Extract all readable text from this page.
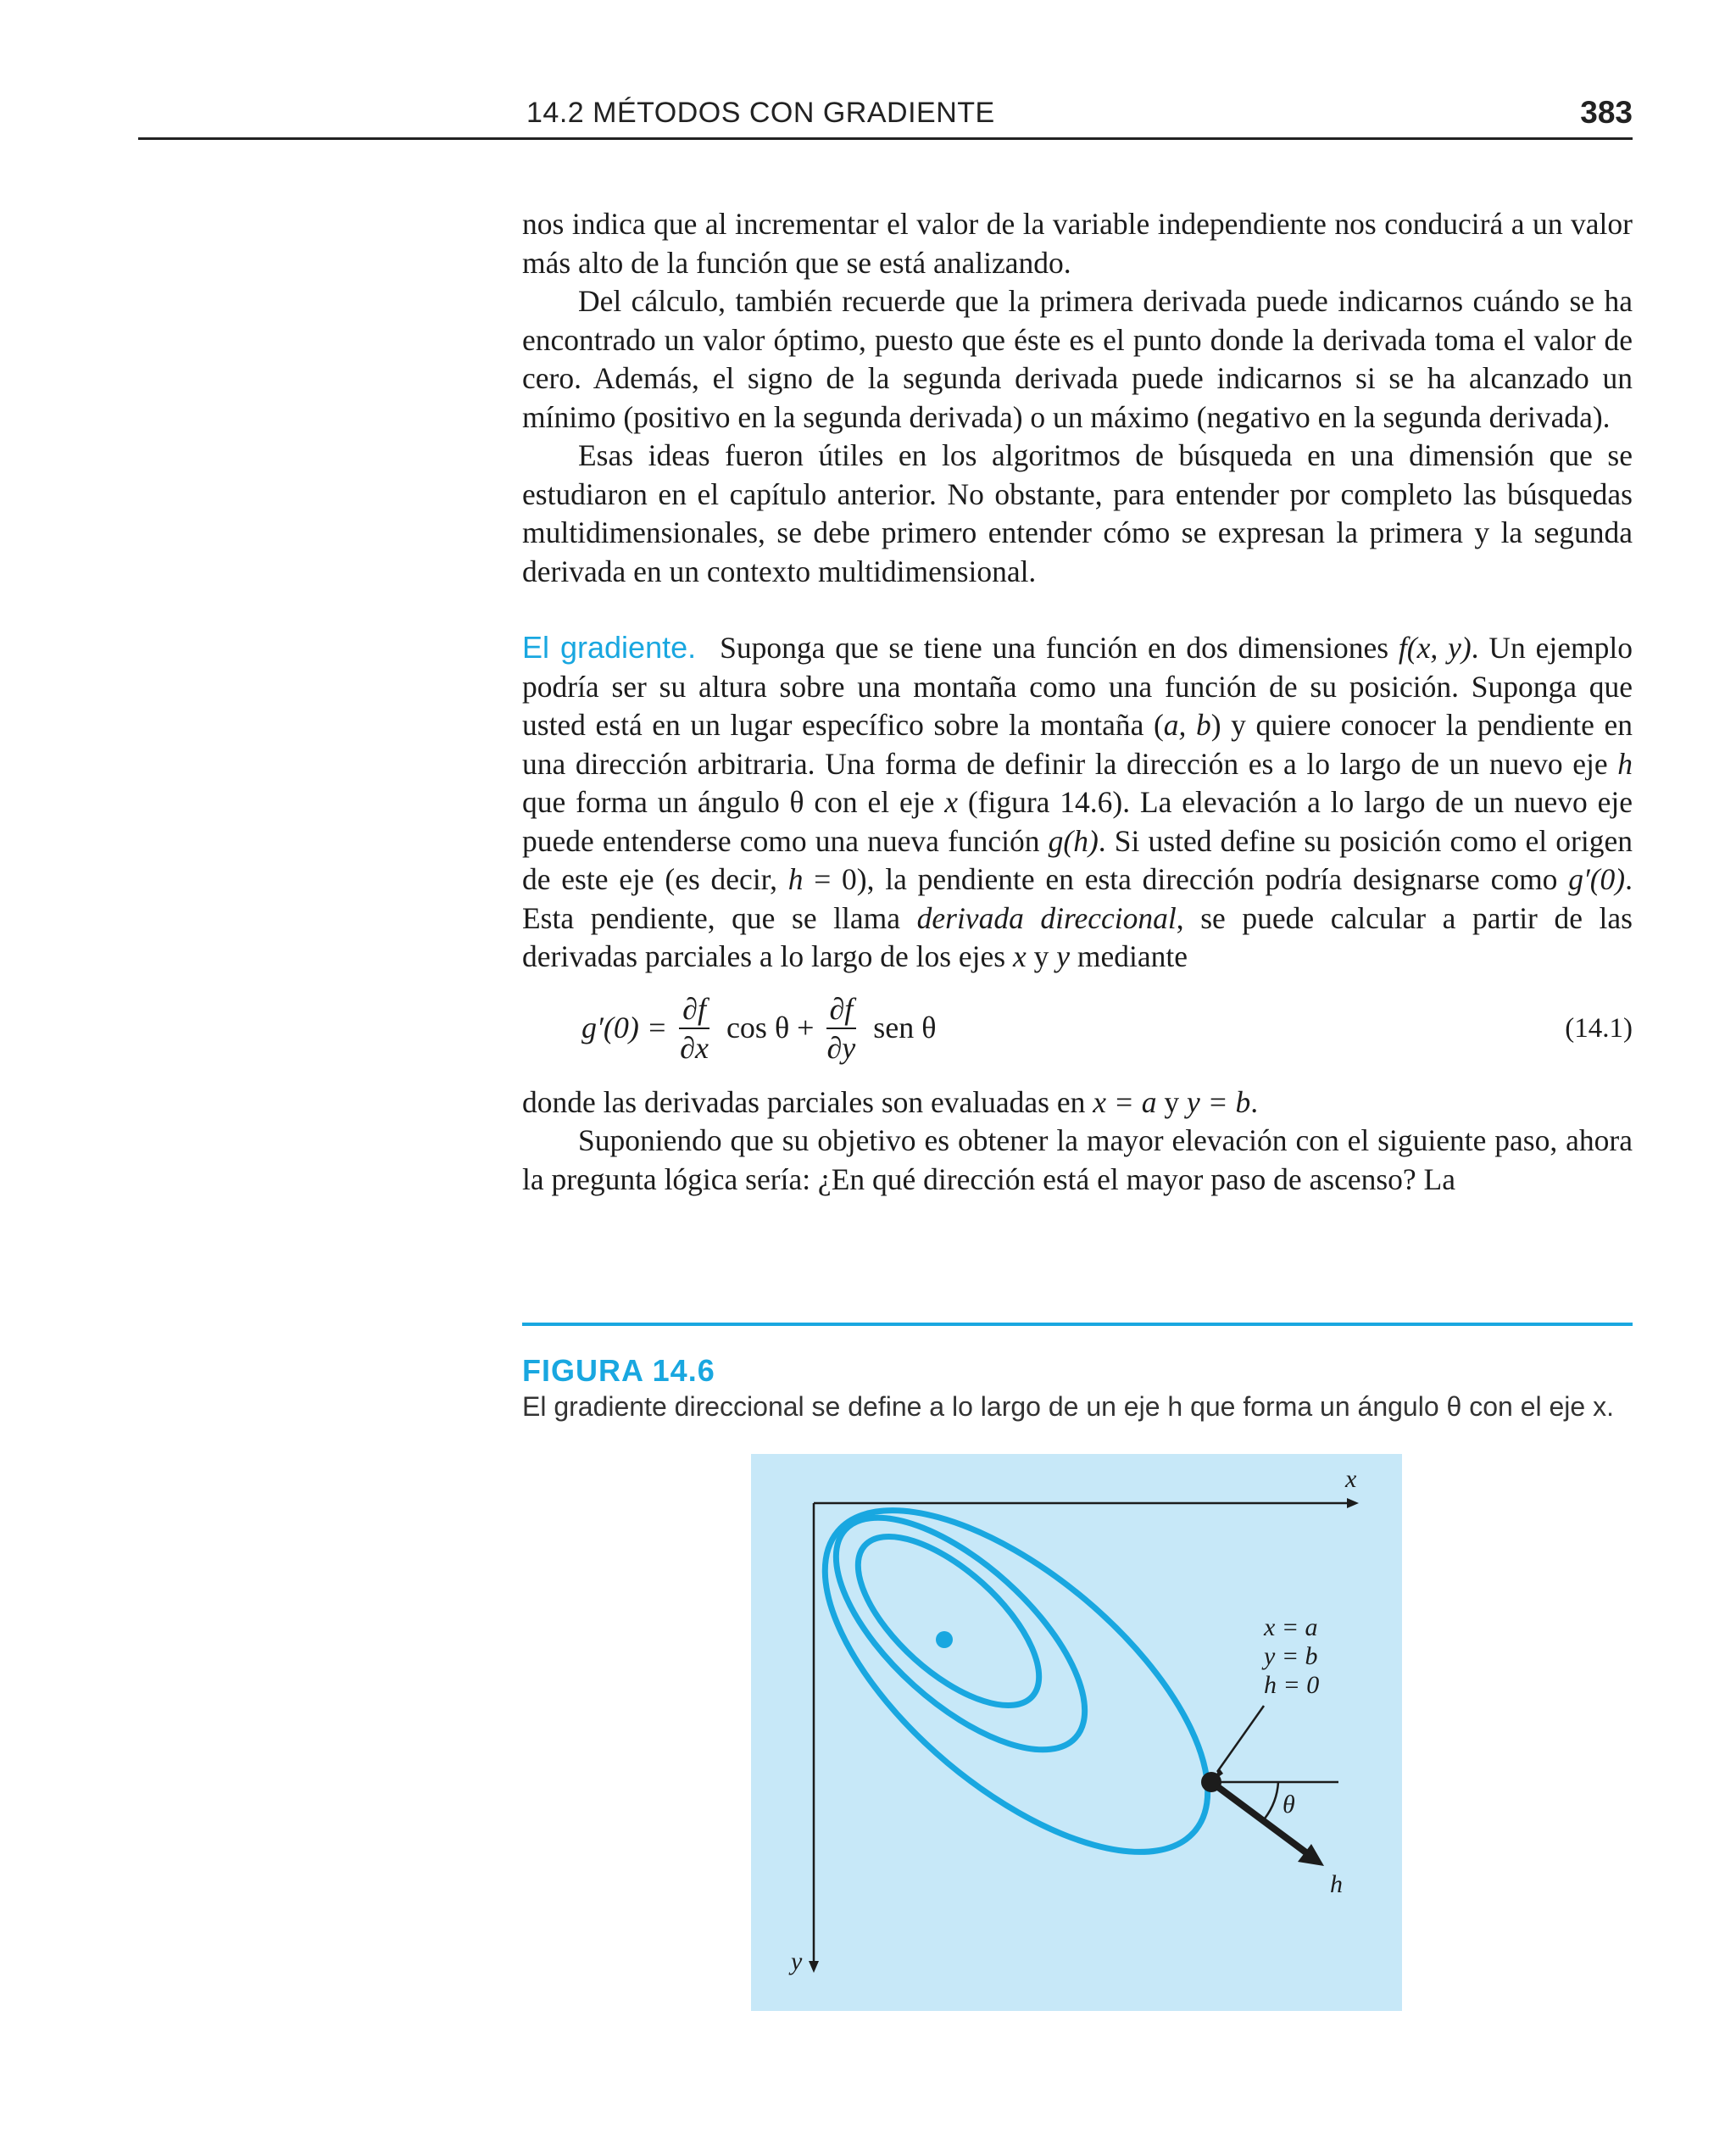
14.2 MÉTODOS CON GRADIENTE	383

nos indica que al incrementar el valor de la variable independiente nos conducirá a un valor más alto de la función que se está analizando.

Del cálculo, también recuerde que la primera derivada puede indicarnos cuándo se ha encontrado un valor óptimo, puesto que éste es el punto donde la derivada toma el valor de cero. Además, el signo de la segunda derivada puede indicarnos si se ha alcanzado un mínimo (positivo en la segunda derivada) o un máximo (negativo en la segunda derivada).

Esas ideas fueron útiles en los algoritmos de búsqueda en una dimensión que se estudiaron en el capítulo anterior. No obstante, para entender por completo las búsquedas multidimensionales, se debe primero entender cómo se expresan la primera y la segunda derivada en un contexto multidimensional.

El gradiente. Suponga que se tiene una función en dos dimensiones f(x, y). Un ejemplo podría ser su altura sobre una montaña como una función de su posición. Suponga que usted está en un lugar específico sobre la montaña (a, b) y quiere conocer la pendiente en una dirección arbitraria. Una forma de definir la dirección es a lo largo de un nuevo eje h que forma un ángulo θ con el eje x (figura 14.6). La elevación a lo largo de un nuevo eje puede entenderse como una nueva función g(h). Si usted define su posición como el origen de este eje (es decir, h = 0), la pendiente en esta dirección podría designarse como g′(0). Esta pendiente, que se llama derivada direccional, se puede calcular a partir de las derivadas parciales a lo largo de los ejes x y y mediante

$g'(0) = \frac{\partial f}{\partial x}$ $\cos \theta + \frac{\partial f}{\partial y}$ sen θ	(14.1)

donde las derivadas parciales son evaluadas en x = a y y = b.

Suponiendo que su objetivo es obtener la mayor elevación con el siguiente paso, ahora la pregunta lógica sería: ¿En qué dirección está el mayor paso de ascenso? La

FIGURA 14.6
El gradiente direccional se define a lo largo de un eje h que forma un ángulo θ con el eje x.
x
y
h
θ
x = a
y = b
h = 0
